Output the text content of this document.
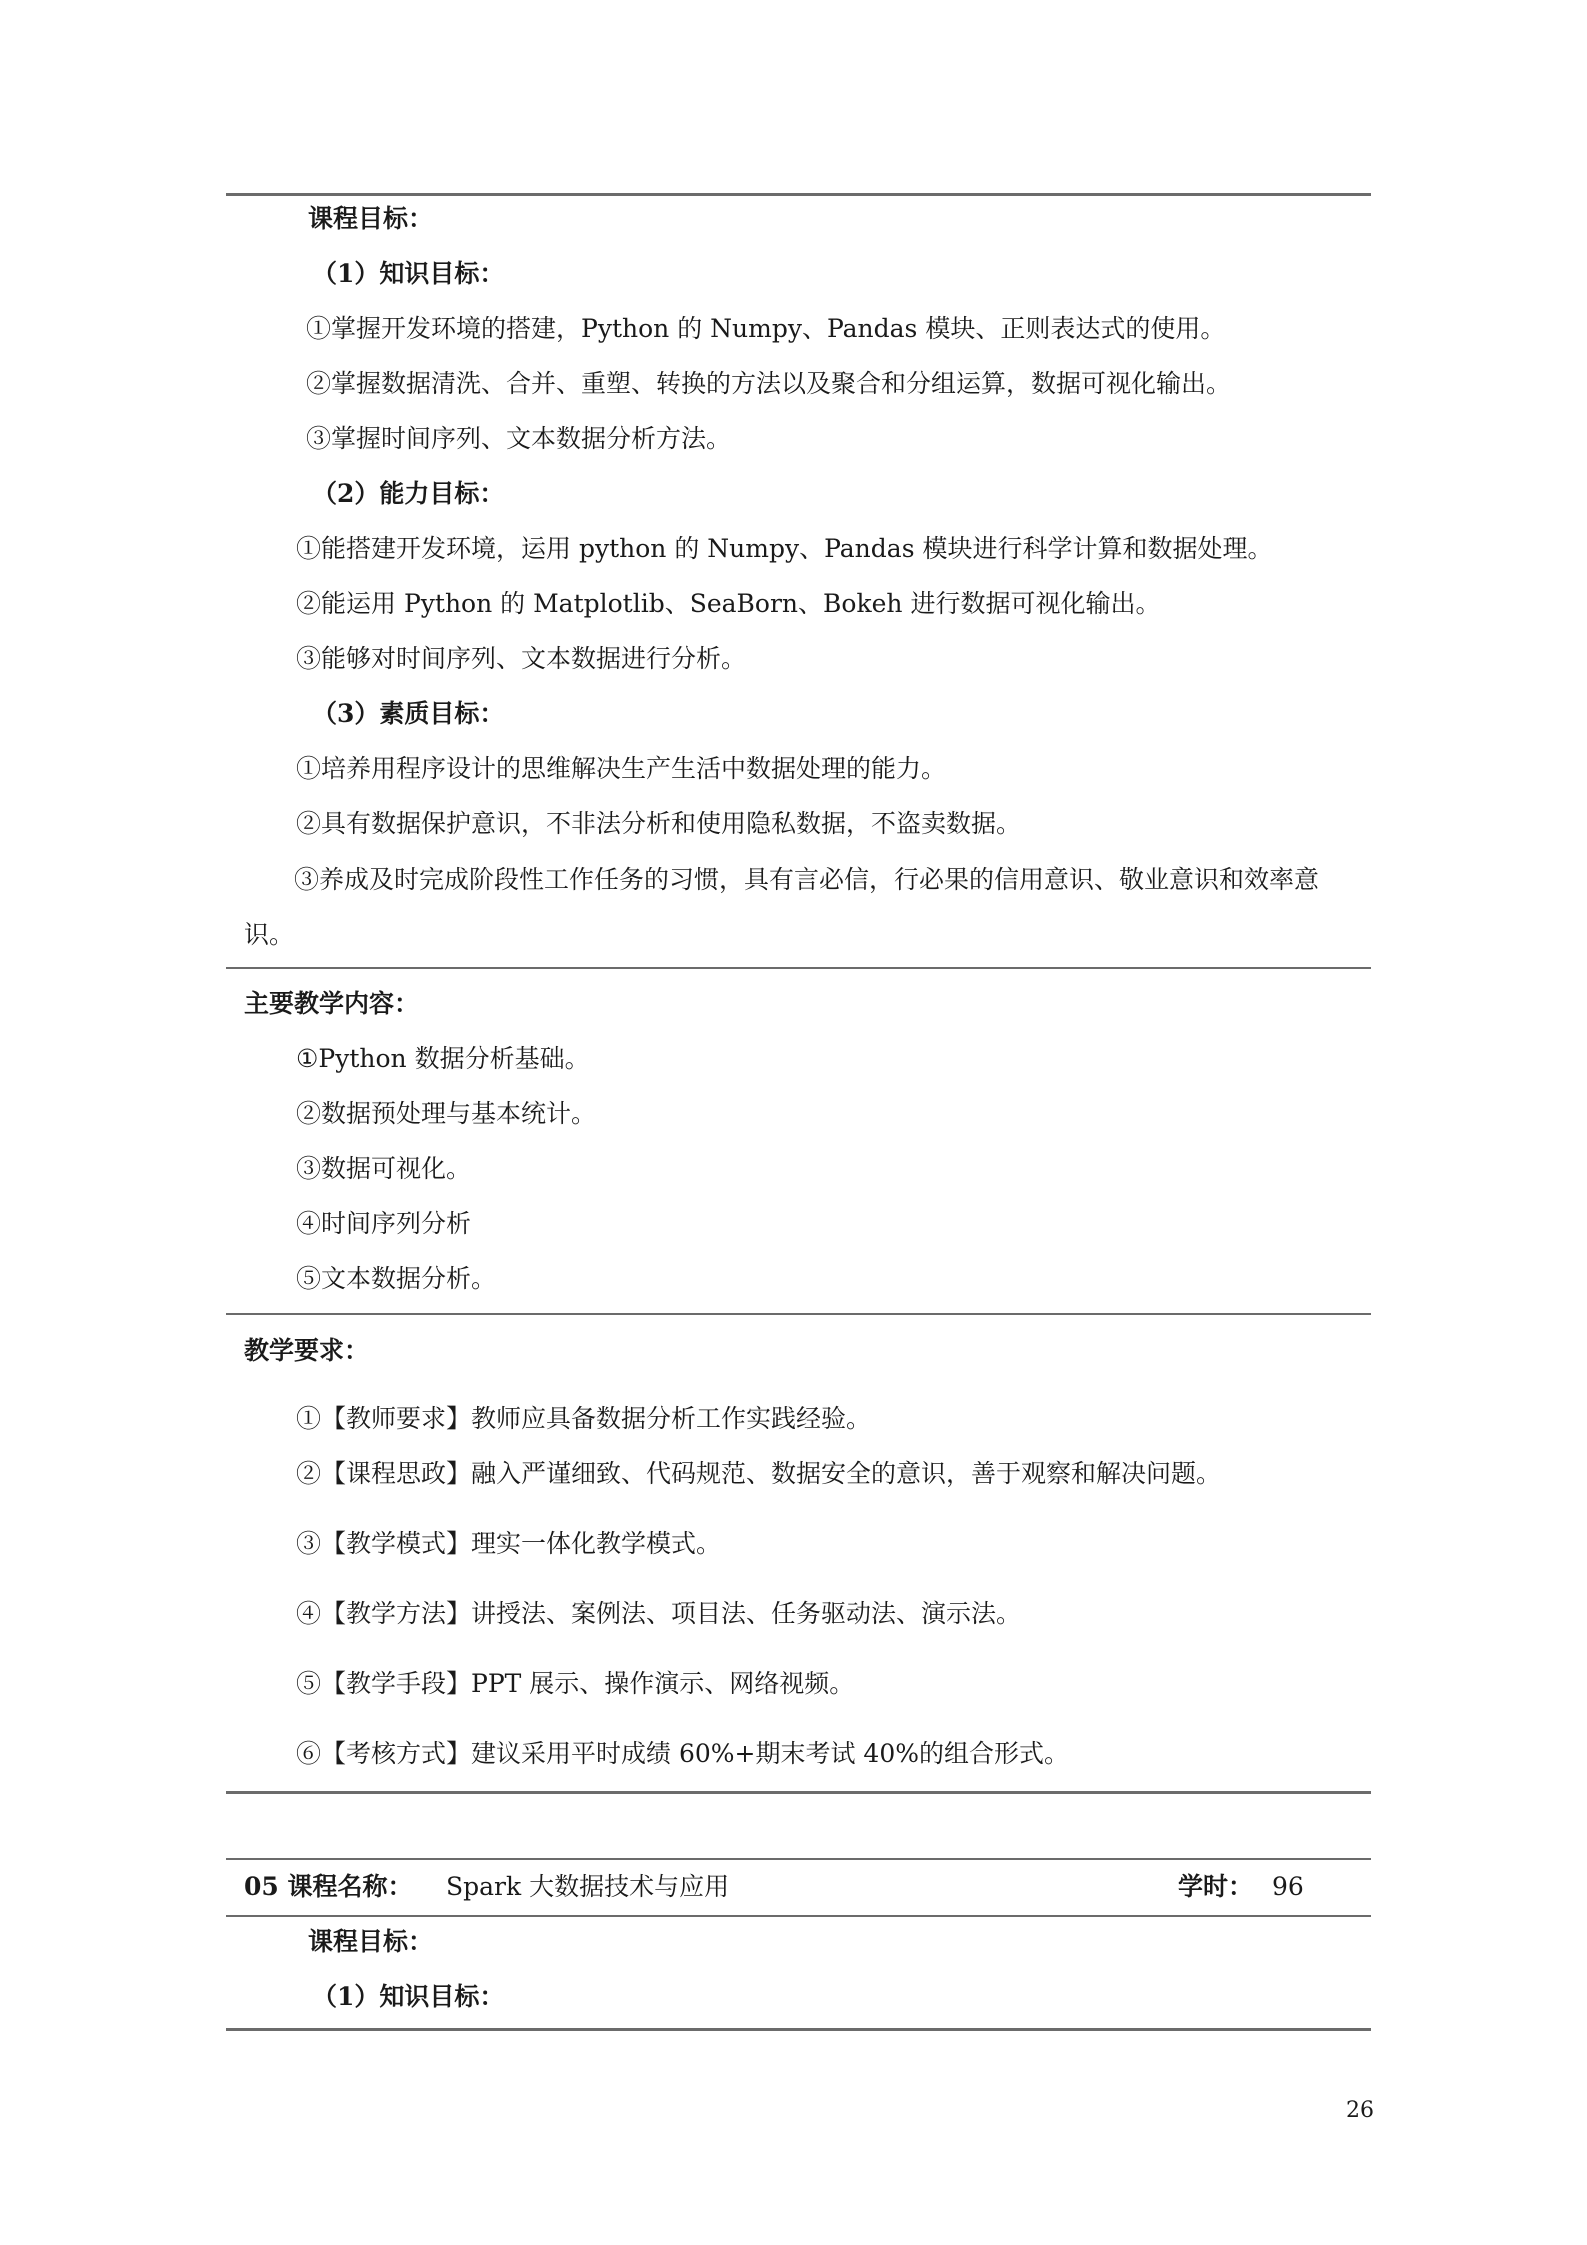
课程目标：
（1）知识目标：
①掌握开发环境的搭建，Python 的 Numpy、Pandas 模块、正则表达式的使用。
②掌握数据清洗、合并、重塑、转换的方法以及聚合和分组运算，数据可视化输出。
③掌握时间序列、文本数据分析方法。
（2）能力目标：
①能搭建开发环境，运用 python 的 Numpy、Pandas 模块进行科学计算和数据处理。
②能运用 Python 的 Matplotlib、SeaBorn、Bokeh 进行数据可视化输出。
③能够对时间序列、文本数据进行分析。
（3）素质目标：
①培养用程序设计的思维解决生产生活中数据处理的能力。
②具有数据保护意识，不非法分析和使用隐私数据，不盗卖数据。
③养成及时完成阶段性工作任务的习惯，具有言必信，行必果的信用意识、敬业意识和效率意识。
主要教学内容：
①Python 数据分析基础。
②数据预处理与基本统计。
③数据可视化。
④时间序列分析
⑤文本数据分析。
教学要求：
①【教师要求】教师应具备数据分析工作实践经验。
②【课程思政】融入严谨细致、代码规范、数据安全的意识，善于观察和解决问题。
③【教学模式】理实一体化教学模式。
④【教学方法】讲授法、案例法、项目法、任务驱动法、演示法。
⑤【教学手段】PPT 展示、操作演示、网络视频。
⑥【考核方式】建议采用平时成绩 60%+期末考试 40%的组合形式。
05 课程名称： Spark 大数据技术与应用	学时： 96
课程目标：
（1）知识目标：
26
